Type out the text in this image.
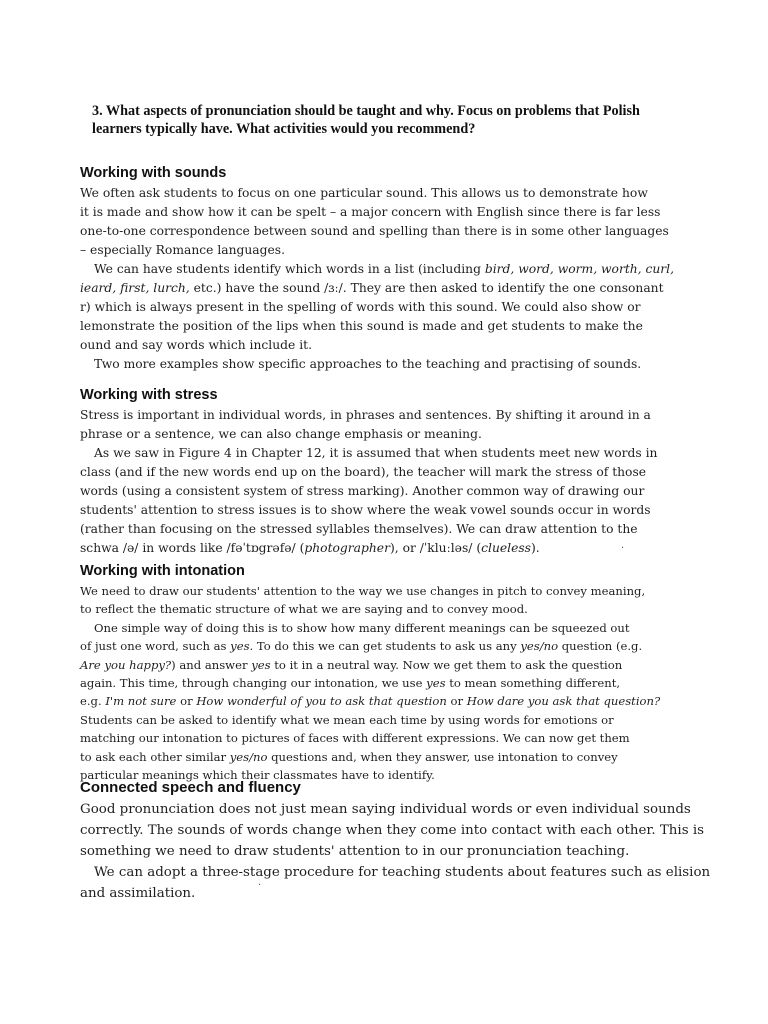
3. What aspects of pronunciation should be taught and why. Focus on problems that Polish
learners typically have. What activities would you recommend?
Working with sounds

We often ask students to focus on one particular sound. This allows us to demonstrate how
it is made and show how it can be spelt – a major concern with English since there is far less
one-to-one correspondence between sound and spelling than there is in some other languages
– especially Romance languages.

We can have students identify which words in a list (including bird, word, worm, worth, curl,
ieard, first, lurch, etc.) have the sound /ɜː/. They are then asked to identify the one consonant
r) which is always present in the spelling of words with this sound. We could also show or
lemonstrate the position of the lips when this sound is made and get students to make the
ound and say words which include it.

Two more examples show specific approaches to the teaching and practising of sounds.

Working with stress

Stress is important in individual words, in phrases and sentences. By shifting it around in a
phrase or a sentence, we can also change emphasis or meaning.

As we saw in Figure 4 in Chapter 12, it is assumed that when students meet new words in
class (and if the new words end up on the board), the teacher will mark the stress of those
words (using a consistent system of stress marking). Another common way of drawing our
students' attention to stress issues is to show where the weak vowel sounds occur in words
(rather than focusing on the stressed syllables themselves). We can draw attention to the
schwa /ə/ in words like /fəˈtɒgrəfə/ (photographer), or /ˈkluːləs/ (clueless).

Working with intonation

We need to draw our students' attention to the way we use changes in pitch to convey meaning,
to reflect the thematic structure of what we are saying and to convey mood.

One simple way of doing this is to show how many different meanings can be squeezed out
of just one word, such as yes. To do this we can get students to ask us any yes/no question (e.g.
Are you happy?) and answer yes to it in a neutral way. Now we get them to ask the question
again. This time, through changing our intonation, we use yes to mean something different,
e.g. I'm not sure or How wonderful of you to ask that question or How dare you ask that question?
Students can be asked to identify what we mean each time by using words for emotions or
matching our intonation to pictures of faces with different expressions. We can now get them
to ask each other similar yes/no questions and, when they answer, use intonation to convey
particular meanings which their classmates have to identify.

Connected speech and fluency

Good pronunciation does not just mean saying individual words or even individual sounds
correctly. The sounds of words change when they come into contact with each other. This is
something we need to draw students' attention to in our pronunciation teaching.

We can adopt a three-stage procedure for teaching students about features such as elision
and assimilation.

·
·
